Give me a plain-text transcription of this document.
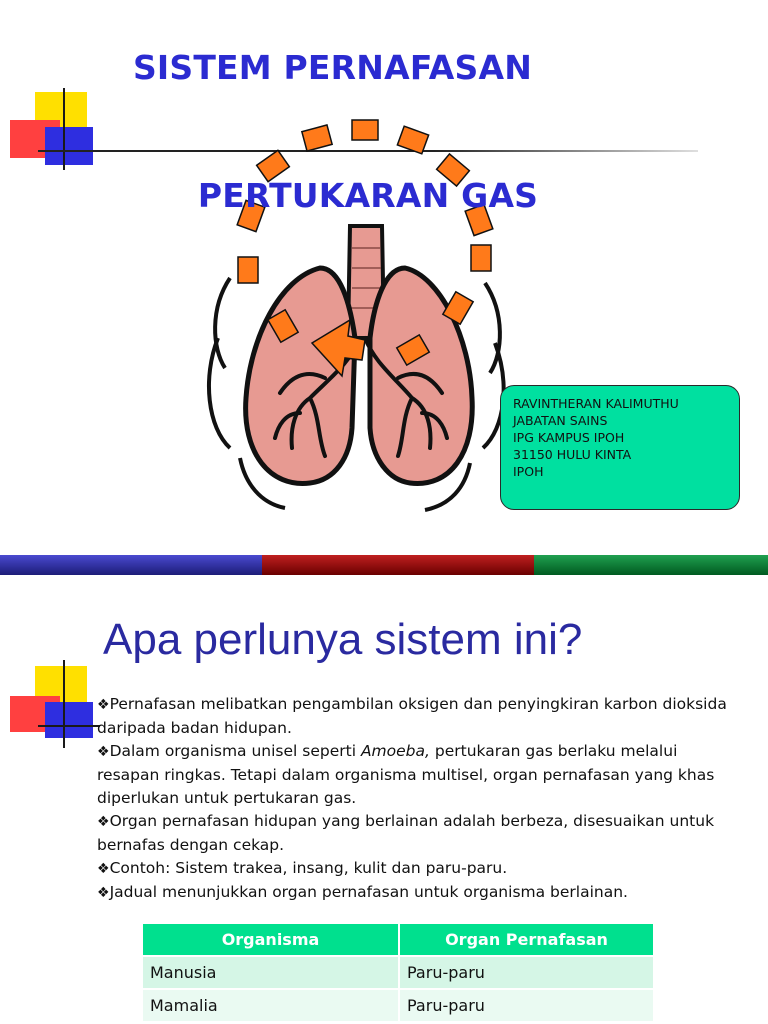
SISTEM PERNAFASAN
PERTUKARAN GAS
RAVINTHERAN KALIMUTHU
JABATAN SAINS
IPG KAMPUS IPOH
31150 HULU KINTA
IPOH
Apa perlunya sistem ini?

❖Pernafasan melibatkan pengambilan oksigen dan penyingkiran karbon dioksida daripada badan hidupan.

❖Dalam organisma unisel seperti Amoeba, pertukaran gas berlaku melalui resapan ringkas. Tetapi dalam organisma multisel, organ pernafasan yang khas diperlukan untuk pertukaran gas.

❖Organ pernafasan hidupan yang berlainan adalah berbeza, disesuaikan untuk bernafas dengan cekap.

❖Contoh: Sistem trakea, insang, kulit dan paru-paru.

❖Jadual menunjukkan organ pernafasan untuk organisma berlainan.

Organisma	Organ Pernafasan
Manusia	Paru-paru
Mamalia	Paru-paru
